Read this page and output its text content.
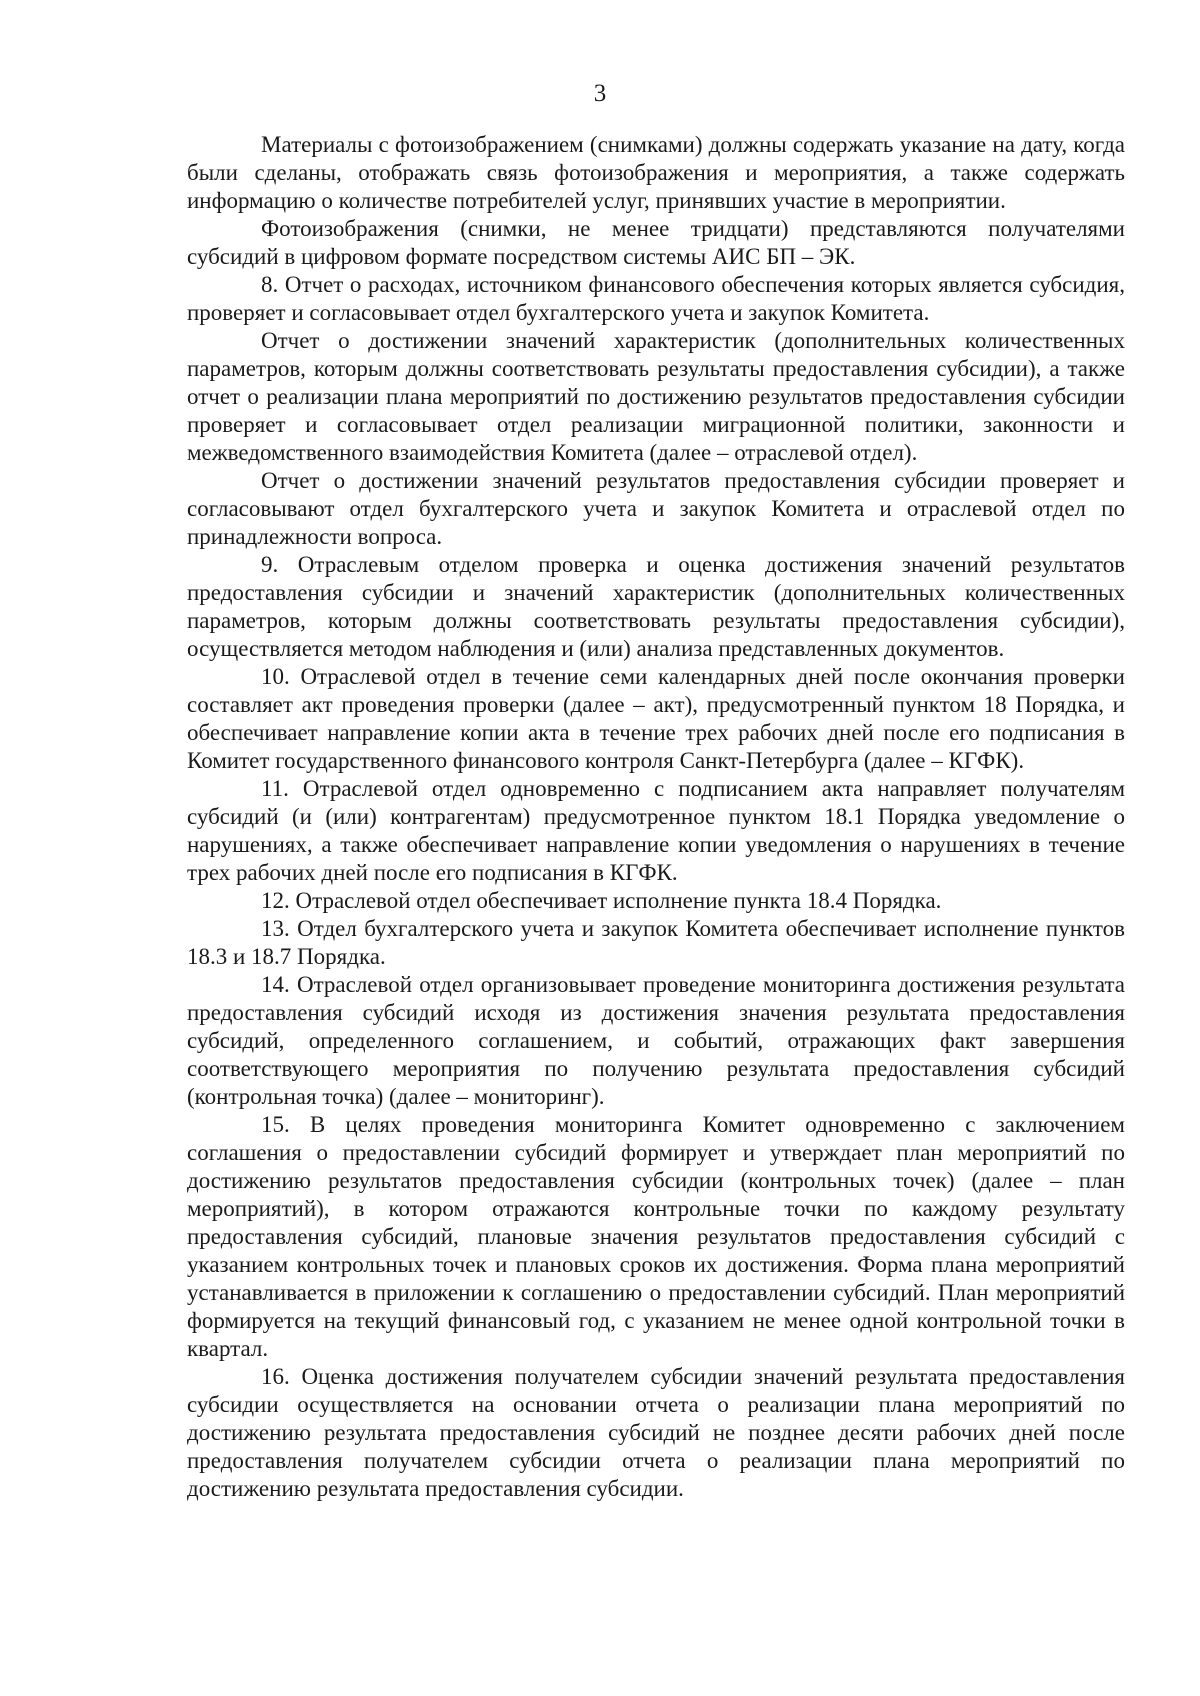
3

Материалы с фотоизображением (снимками) должны содержать указание на дату, когда были сделаны, отображать связь фотоизображения и мероприятия, а также содержать информацию о количестве потребителей услуг, принявших участие в мероприятии.

Фотоизображения (снимки, не менее тридцати) представляются получателями субсидий в цифровом формате посредством системы АИС БП – ЭК.

8. Отчет о расходах, источником финансового обеспечения которых является субсидия, проверяет и согласовывает отдел бухгалтерского учета и закупок Комитета.

Отчет о достижении значений характеристик (дополнительных количественных параметров, которым должны соответствовать результаты предоставления субсидии), а также отчет о реализации плана мероприятий по достижению результатов предоставления субсидии проверяет и согласовывает отдел реализации миграционной политики, законности и межведомственного взаимодействия Комитета (далее – отраслевой отдел).

Отчет о достижении значений результатов предоставления субсидии проверяет и согласовывают отдел бухгалтерского учета и закупок Комитета и отраслевой отдел по принадлежности вопроса.

9. Отраслевым отделом проверка и оценка достижения значений результатов предоставления субсидии и значений характеристик (дополнительных количественных параметров, которым должны соответствовать результаты предоставления субсидии), осуществляется методом наблюдения и (или) анализа представленных документов.

10. Отраслевой отдел в течение семи календарных дней после окончания проверки составляет акт проведения проверки (далее – акт), предусмотренный пунктом 18 Порядка, и обеспечивает направление копии акта в течение трех рабочих дней после его подписания в Комитет государственного финансового контроля Санкт-Петербурга (далее – КГФК).

11. Отраслевой отдел одновременно с подписанием акта направляет получателям субсидий (и (или) контрагентам) предусмотренное пунктом 18.1 Порядка уведомление о нарушениях, а также обеспечивает направление копии уведомления о нарушениях в течение трех рабочих дней после его подписания в КГФК.

12. Отраслевой отдел обеспечивает исполнение пункта 18.4 Порядка.

13. Отдел бухгалтерского учета и закупок Комитета обеспечивает исполнение пунктов 18.3 и 18.7 Порядка.

14. Отраслевой отдел организовывает проведение мониторинга достижения результата предоставления субсидий исходя из достижения значения результата предоставления субсидий, определенного соглашением, и событий, отражающих факт завершения соответствующего мероприятия по получению результата предоставления субсидий (контрольная точка) (далее – мониторинг).

15. В целях проведения мониторинга Комитет одновременно с заключением соглашения о предоставлении субсидий формирует и утверждает план мероприятий по достижению результатов предоставления субсидии (контрольных точек) (далее – план мероприятий), в котором отражаются контрольные точки по каждому результату предоставления субсидий, плановые значения результатов предоставления субсидий с указанием контрольных точек и плановых сроков их достижения. Форма плана мероприятий устанавливается в приложении к соглашению о предоставлении субсидий. План мероприятий формируется на текущий финансовый год, с указанием не менее одной контрольной точки в квартал.

16. Оценка достижения получателем субсидии значений результата предоставления субсидии осуществляется на основании отчета о реализации плана мероприятий по достижению результата предоставления субсидий не позднее десяти рабочих дней после предоставления получателем субсидии отчета о реализации плана мероприятий по достижению результата предоставления субсидии.
